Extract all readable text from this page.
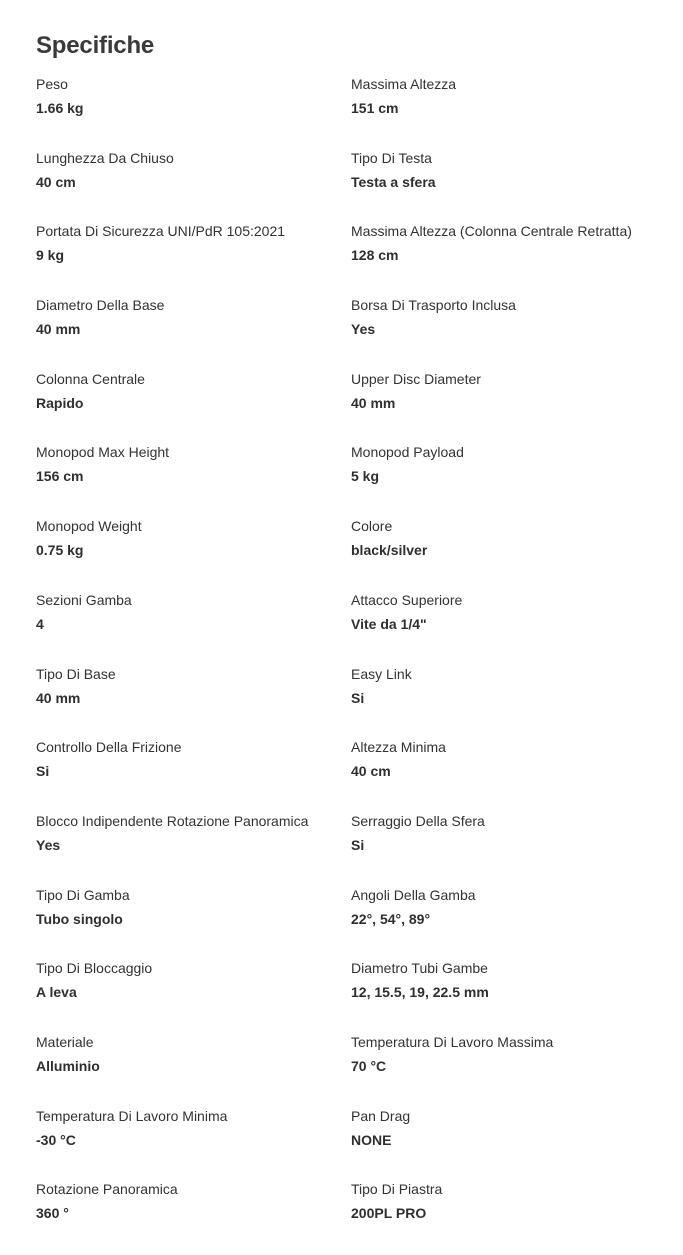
Specifiche
Peso
1.66 kg
Massima Altezza
151 cm
Lunghezza Da Chiuso
40 cm
Tipo Di Testa
Testa a sfera
Portata Di Sicurezza UNI/PdR 105:2021
9 kg
Massima Altezza (Colonna Centrale Retratta)
128 cm
Diametro Della Base
40 mm
Borsa Di Trasporto Inclusa
Yes
Colonna Centrale
Rapido
Upper Disc Diameter
40 mm
Monopod Max Height
156 cm
Monopod Payload
5 kg
Monopod Weight
0.75 kg
Colore
black/silver
Sezioni Gamba
4
Attacco Superiore
Vite da 1/4"
Tipo Di Base
40 mm
Easy Link
Si
Controllo Della Frizione
Si
Altezza Minima
40 cm
Blocco Indipendente Rotazione Panoramica
Yes
Serraggio Della Sfera
Si
Tipo Di Gamba
Tubo singolo
Angoli Della Gamba
22°, 54°, 89°
Tipo Di Bloccaggio
A leva
Diametro Tubi Gambe
12, 15.5, 19, 22.5 mm
Materiale
Alluminio
Temperatura Di Lavoro Massima
70 °C
Temperatura Di Lavoro Minima
-30 °C
Pan Drag
NONE
Rotazione Panoramica
360 °
Tipo Di Piastra
200PL PRO
